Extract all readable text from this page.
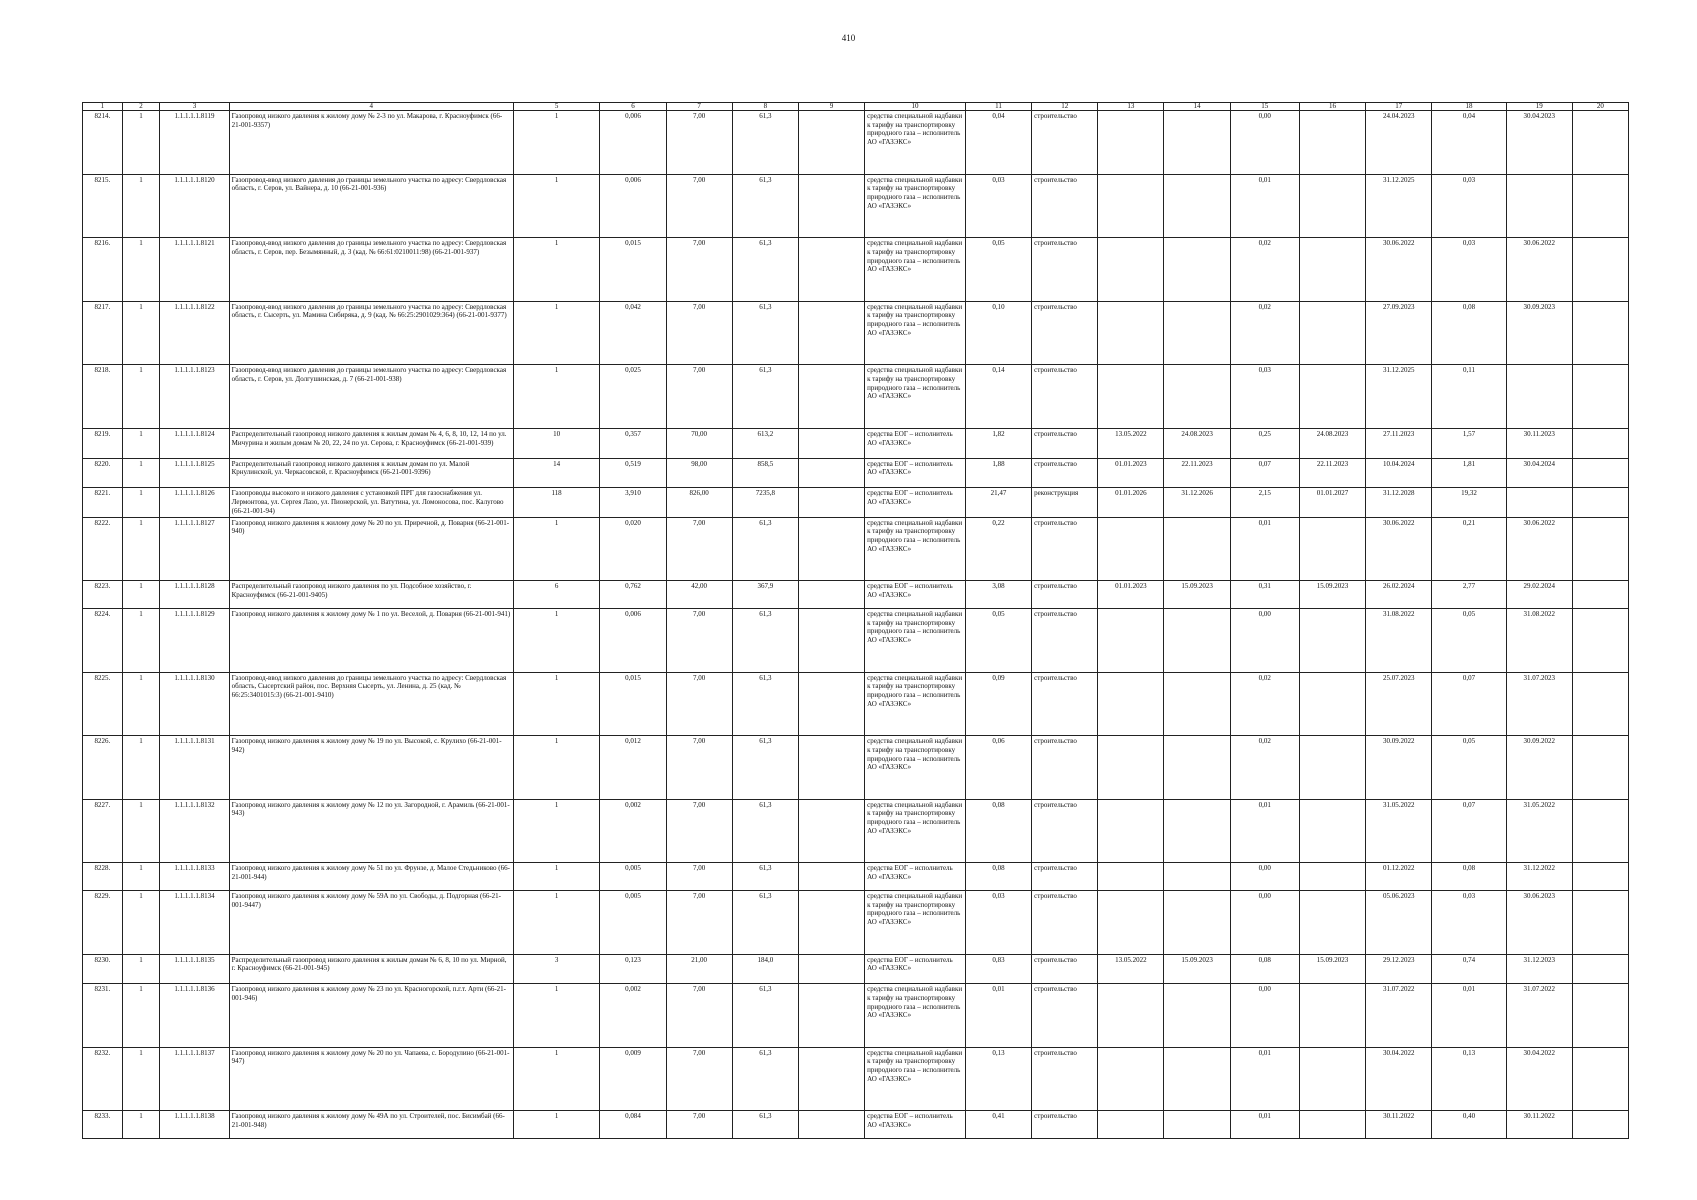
410
1	2	3	4	5	6	7	8	9	10	11	12	13	14	15	16	17	18	19	20
8214.	1	1.1.1.1.1.8119	Газопровод низкого давления к жилому дому № 2-3 по ул. Макарова, г. Красноуфимск (66-21-001-9357)	1	0,006	7,00	61,3		средства специальной надбавки к тарифу на транспортировку природного газа – исполнитель АО «ГАЗЭКС»	0,04	строительство			0,00		24.04.2023	0,04	30.04.2023	
8215.	1	1.1.1.1.1.8120	Газопровод-ввод низкого давления до границы земельного участка по адресу: Свердловская область, г. Серов, ул. Вайнера, д. 10 (66-21-001-936)	1	0,006	7,00	61,3		средства специальной надбавки к тарифу на транспортировку природного газа – исполнитель АО «ГАЗЭКС»	0,03	строительство			0,01		31.12.2025	0,03		
8216.	1	1.1.1.1.1.8121	Газопровод-ввод низкого давления до границы земельного участка по адресу: Свердловская область, г. Серов, пер. Безымянный, д. 3 (кад. № 66:61:0210011:98) (66-21-001-937)	1	0,015	7,00	61,3		средства специальной надбавки к тарифу на транспортировку природного газа – исполнитель АО «ГАЗЭКС»	0,05	строительство			0,02		30.06.2022	0,03	30.06.2022	
8217.	1	1.1.1.1.1.8122	Газопровод-ввод низкого давления до границы земельного участка по адресу: Свердловская область, г. Сысерть, ул. Мамина Сибиряка, д. 9 (кад. № 66:25:2901029:364) (66-21-001-9377)	1	0,042	7,00	61,3		средства специальной надбавки к тарифу на транспортировку природного газа – исполнитель АО «ГАЗЭКС»	0,10	строительство			0,02		27.09.2023	0,08	30.09.2023	
8218.	1	1.1.1.1.1.8123	Газопровод-ввод низкого давления до границы земельного участка по адресу: Свердловская область, г. Серов, ул. Долгушинская, д. 7 (66-21-001-938)	1	0,025	7,00	61,3		средства специальной надбавки к тарифу на транспортировку природного газа – исполнитель АО «ГАЗЭКС»	0,14	строительство			0,03		31.12.2025	0,11		
8219.	1	1.1.1.1.1.8124	Распределительный газопровод низкого давления к жилым домам № 4, 6, 8, 10, 12, 14 по ул. Мичурина и жилым домам № 20, 22, 24 по ул. Серова, г. Красноуфимск (66-21-001-939)	10	0,357	70,00	613,2		средства ЕОГ – исполнитель АО «ГАЗЭКС»	1,82	строительство	13.05.2022	24.08.2023	0,25	24.08.2023	27.11.2023	1,57	30.11.2023	
8220.	1	1.1.1.1.1.8125	Распределительный газопровод низкого давления к жилым домам по ул. Малой Крнулинской, ул. Черкасовской, г. Красноуфимск (66-21-001-9396)	14	0,519	98,00	858,5		средства ЕОГ – исполнитель АО «ГАЗЭКС»	1,88	строительство	01.01.2023	22.11.2023	0,07	22.11.2023	10.04.2024	1,81	30.04.2024	
8221.	1	1.1.1.1.1.8126	Газопроводы высокого и низкого давления с установкой ПРГ для газоснабжения ул. Лермонтова, ул. Сергея Лазо, ул. Пионерской, ул. Ватутина, ул. Ломоносова, пос. Калугово (66-21-001-94)	118	3,910	826,00	7235,8		средства ЕОГ – исполнитель АО «ГАЗЭКС»	21,47	реконструкция	01.01.2026	31.12.2026	2,15	01.01.2027	31.12.2028	19,32		
8222.	1	1.1.1.1.1.8127	Газопровод низкого давления к жилому дому № 20 по ул. Приречной, д. Поварня (66-21-001-940)	1	0,020	7,00	61,3		средства специальной надбавки к тарифу на транспортировку природного газа – исполнитель АО «ГАЗЭКС»	0,22	строительство			0,01		30.06.2022	0,21	30.06.2022	
8223.	1	1.1.1.1.1.8128	Распределительный газопровод низкого давления по ул. Подсобное хозяйство, г. Красноуфимск (66-21-001-9405)	6	0,762	42,00	367,9		средства ЕОГ – исполнитель АО «ГАЗЭКС»	3,08	строительство	01.01.2023	15.09.2023	0,31	15.09.2023	26.02.2024	2,77	29.02.2024	
8224.	1	1.1.1.1.1.8129	Газопровод низкого давления к жилому дому № 1 по ул. Веселой, д. Поварня (66-21-001-941)	1	0,006	7,00	61,3		средства специальной надбавки к тарифу на транспортировку природного газа – исполнитель АО «ГАЗЭКС»	0,05	строительство			0,00		31.08.2022	0,05	31.08.2022	
8225.	1	1.1.1.1.1.8130	Газопровод-ввод низкого давления до границы земельного участка по адресу: Свердловская область, Сысертский район, пос. Верхняя Сысерть, ул. Ленина, д. 25 (кад. № 66:25:3401015:3) (66-21-001-9410)	1	0,015	7,00	61,3		средства специальной надбавки к тарифу на транспортировку природного газа – исполнитель АО «ГАЗЭКС»	0,09	строительство			0,02		25.07.2023	0,07	31.07.2023	
8226.	1	1.1.1.1.1.8131	Газопровод низкого давления к жилому дому № 19 по ул. Высокой, с. Крулихо (66-21-001-942)	1	0,012	7,00	61,3		средства специальной надбавки к тарифу на транспортировку природного газа – исполнитель АО «ГАЗЭКС»	0,06	строительство			0,02		30.09.2022	0,05	30.09.2022	
8227.	1	1.1.1.1.1.8132	Газопровод низкого давления к жилому дому № 12 по ул. Загородной, г. Арамиль (66-21-001-943)	1	0,002	7,00	61,3		средства специальной надбавки к тарифу на транспортировку природного газа – исполнитель АО «ГАЗЭКС»	0,08	строительство			0,01		31.05.2022	0,07	31.05.2022	
8228.	1	1.1.1.1.1.8133	Газопровод низкого давления к жилому дому № 51 по ул. Фрунзе, д. Малое Стедьниково (66-21-001-944)	1	0,005	7,00	61,3		средства ЕОГ – исполнитель АО «ГАЗЭКС»	0,08	строительство			0,00		01.12.2022	0,08	31.12.2022	
8229.	1	1.1.1.1.1.8134	Газопровод низкого давления к жилому дому № 59А по ул. Свободы, д. Подгорная (66-21-001-9447)	1	0,005	7,00	61,3		средства специальной надбавки к тарифу на транспортировку природного газа – исполнитель АО «ГАЗЭКС»	0,03	строительство			0,00		05.06.2023	0,03	30.06.2023	
8230.	1	1.1.1.1.1.8135	Распределительный газопровод низкого давления к жилым домам № 6, 8, 10 по ул. Мирной, г. Красноуфимск (66-21-001-945)	3	0,123	21,00	184,0		средства ЕОГ – исполнитель АО «ГАЗЭКС»	0,83	строительство	13.05.2022	15.09.2023	0,08	15.09.2023	29.12.2023	0,74	31.12.2023	
8231.	1	1.1.1.1.1.8136	Газопровод низкого давления к жилому дому № 23 по ул. Красногорской, п.г.т. Арти (66-21-001-946)	1	0,002	7,00	61,3		средства специальной надбавки к тарифу на транспортировку природного газа – исполнитель АО «ГАЗЭКС»	0,01	строительство			0,00		31.07.2022	0,01	31.07.2022	
8232.	1	1.1.1.1.1.8137	Газопровод низкого давления к жилому дому № 20 по ул. Чапаева, с. Бородулино (66-21-001-947)	1	0,009	7,00	61,3		средства специальной надбавки к тарифу на транспортировку природного газа – исполнитель АО «ГАЗЭКС»	0,13	строительство			0,01		30.04.2022	0,13	30.04.2022	
8233.	1	1.1.1.1.1.8138	Газопровод низкого давления к жилому дому № 49А по ул. Строителей, пос. Бисимбай (66-21-001-948)	1	0,084	7,00	61,3		средства ЕОГ – исполнитель АО «ГАЗЭКС»	0,41	строительство			0,01		30.11.2022	0,40	30.11.2022	
